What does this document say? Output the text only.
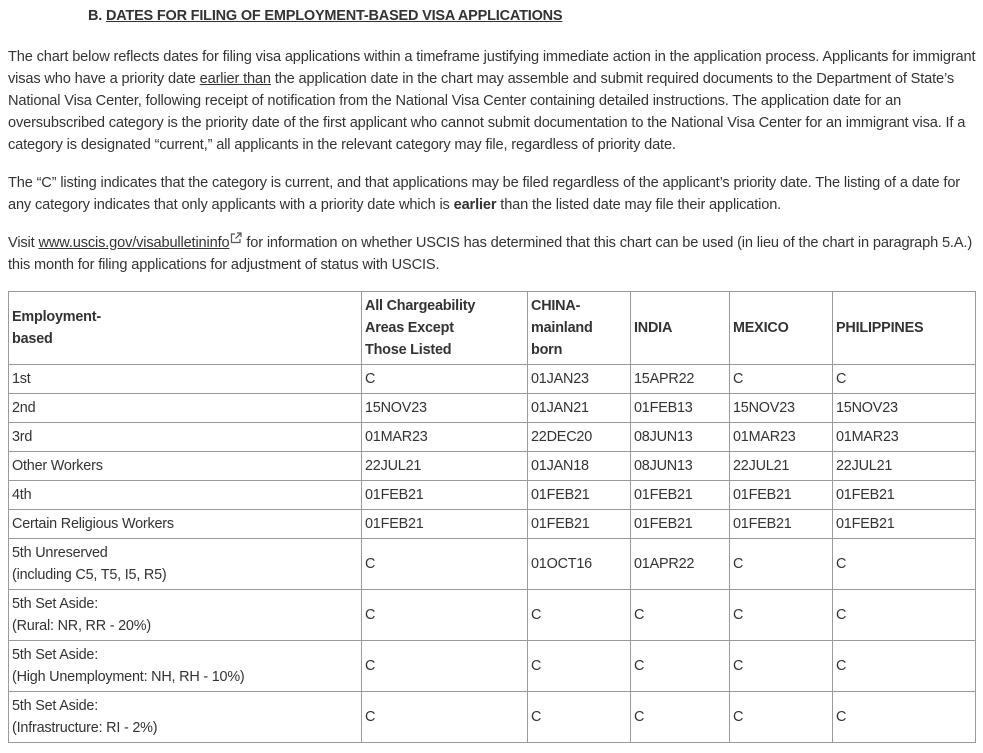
B. DATES FOR FILING OF EMPLOYMENT-BASED VISA APPLICATIONS

The chart below reflects dates for filing visa applications within a timeframe justifying immediate action in the application process. Applicants for immigrant visas who have a priority date earlier than the application date in the chart may assemble and submit required documents to the Department of State’s National Visa Center, following receipt of notification from the National Visa Center containing detailed instructions. The application date for an oversubscribed category is the priority date of the first applicant who cannot submit documentation to the National Visa Center for an immigrant visa. If a category is designated “current,” all applicants in the relevant category may file, regardless of priority date.

The “C” listing indicates that the category is current, and that applications may be filed regardless of the applicant’s priority date. The listing of a date for any category indicates that only applicants with a priority date which is earlier than the listed date may file their application.

Visit www.uscis.gov/visabulletininfo for information on whether USCIS has determined that this chart can be used (in lieu of the chart in paragraph 5.A.) this month for filing applications for adjustment of status with USCIS.

Employment-
based	All Chargeability
Areas Except
Those Listed	CHINA-
mainland
born	INDIA	MEXICO	PHILIPPINES

1st	C	01JAN23	15APR22	C	C

2nd	15NOV23	01JAN21	01FEB13	15NOV23	15NOV23

3rd	01MAR23	22DEC20	08JUN13	01MAR23	01MAR23

Other Workers	22JUL21	01JAN18	08JUN13	22JUL21	22JUL21

4th	01FEB21	01FEB21	01FEB21	01FEB21	01FEB21

Certain Religious Workers	01FEB21	01FEB21	01FEB21	01FEB21	01FEB21

5th Unreserved
(including C5, T5, I5, R5)	C	01OCT16	01APR22	C	C

5th Set Aside:
(Rural: NR, RR - 20%)	C	C	C	C	C

5th Set Aside:
(High Unemployment: NH, RH - 10%)	C	C	C	C	C

5th Set Aside:
(Infrastructure: RI - 2%)	C	C	C	C	C
